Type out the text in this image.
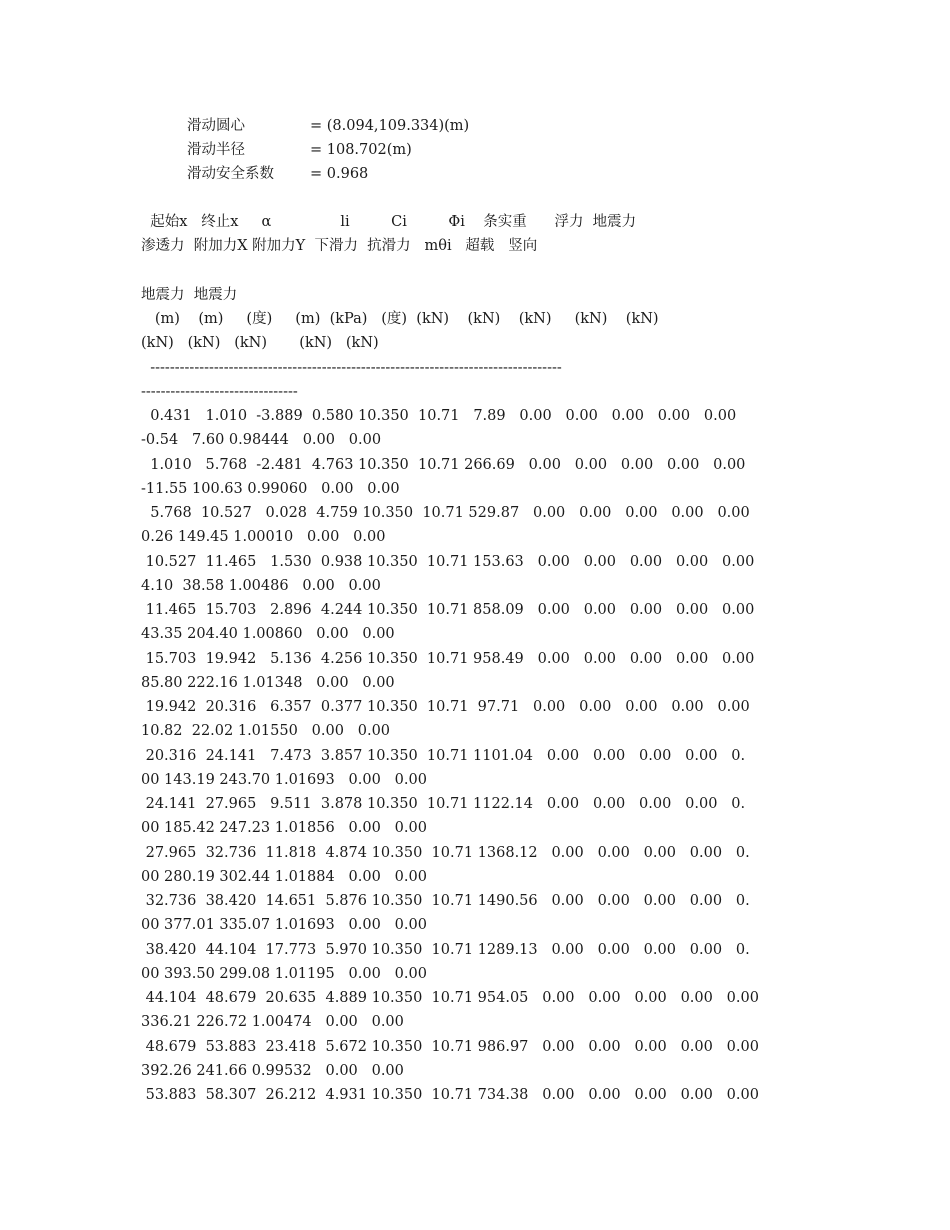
滑动圆心	= (8.094,109.334)(m)
滑动半径	= 108.702(m)
滑动安全系数 = 0.968
起始x   终止x     α               li         Ci         Φi    条实重      浮力  地震力
渗透力  附加力X 附加力Y  下滑力  抗滑力   mθi   超载   竖向
地震力  地震力
(m)    (m)     (度)     (m)  (kPa)   (度)  (kN)    (kN)    (kN)     (kN)    (kN)
(kN)   (kN)   (kN)       (kN)   (kN)
------------------------------------------------------------------------------------
--------------------------------
0.431   1.010  -3.889  0.580 10.350  10.71   7.89   0.00   0.00   0.00   0.00   0.00
-0.54   7.60 0.98444   0.00   0.00
1.010   5.768  -2.481  4.763 10.350  10.71 266.69   0.00   0.00   0.00   0.00   0.00
-11.55 100.63 0.99060   0.00   0.00
5.768  10.527   0.028  4.759 10.350  10.71 529.87   0.00   0.00   0.00   0.00   0.00
0.26 149.45 1.00010   0.00   0.00
10.527  11.465   1.530  0.938 10.350  10.71 153.63   0.00   0.00   0.00   0.00   0.00
4.10  38.58 1.00486   0.00   0.00
11.465  15.703   2.896  4.244 10.350  10.71 858.09   0.00   0.00   0.00   0.00   0.00
43.35 204.40 1.00860   0.00   0.00
15.703  19.942   5.136  4.256 10.350  10.71 958.49   0.00   0.00   0.00   0.00   0.00
85.80 222.16 1.01348   0.00   0.00
19.942  20.316   6.357  0.377 10.350  10.71  97.71   0.00   0.00   0.00   0.00   0.00
10.82  22.02 1.01550   0.00   0.00
20.316  24.141   7.473  3.857 10.350  10.71 1101.04   0.00   0.00   0.00   0.00   0.
00 143.19 243.70 1.01693   0.00   0.00
24.141  27.965   9.511  3.878 10.350  10.71 1122.14   0.00   0.00   0.00   0.00   0.
00 185.42 247.23 1.01856   0.00   0.00
27.965  32.736  11.818  4.874 10.350  10.71 1368.12   0.00   0.00   0.00   0.00   0.
00 280.19 302.44 1.01884   0.00   0.00
32.736  38.420  14.651  5.876 10.350  10.71 1490.56   0.00   0.00   0.00   0.00   0.
00 377.01 335.07 1.01693   0.00   0.00
38.420  44.104  17.773  5.970 10.350  10.71 1289.13   0.00   0.00   0.00   0.00   0.
00 393.50 299.08 1.01195   0.00   0.00
44.104  48.679  20.635  4.889 10.350  10.71 954.05   0.00   0.00   0.00   0.00   0.00
336.21 226.72 1.00474   0.00   0.00
48.679  53.883  23.418  5.672 10.350  10.71 986.97   0.00   0.00   0.00   0.00   0.00
392.26 241.66 0.99532   0.00   0.00
53.883  58.307  26.212  4.931 10.350  10.71 734.38   0.00   0.00   0.00   0.00   0.00
